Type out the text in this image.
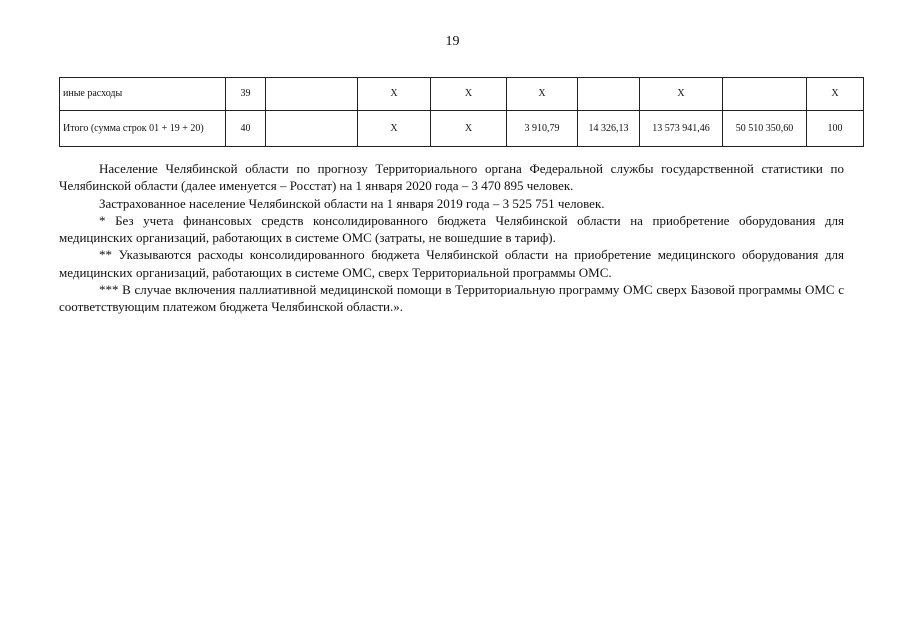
19
иные расходы	39		Х	Х	Х		Х		Х
Итого (сумма строк 01 + 19 + 20)	40		Х	Х	3 910,79	14 326,13	13 573 941,46	50 510 350,60	100

Население Челябинской области по прогнозу Территориального органа Федеральной службы государственной статистики по Челябинской области (далее именуется – Росстат) на 1 января 2020 года – 3 470 895 человек.

Застрахованное население Челябинской области на 1 января 2019 года – 3 525 751 человек.

* Без учета финансовых средств консолидированного бюджета Челябинской области на приобретение оборудования для медицинских организаций, работающих в системе ОМС (затраты, не вошедшие в тариф).

** Указываются расходы консолидированного бюджета Челябинской области на приобретение медицинского оборудования для медицинских организаций, работающих в системе ОМС, сверх Территориальной программы ОМС.

*** В случае включения паллиативной медицинской помощи в Территориальную программу ОМС сверх Базовой программы ОМС с соответствующим платежом бюджета Челябинской области.».
